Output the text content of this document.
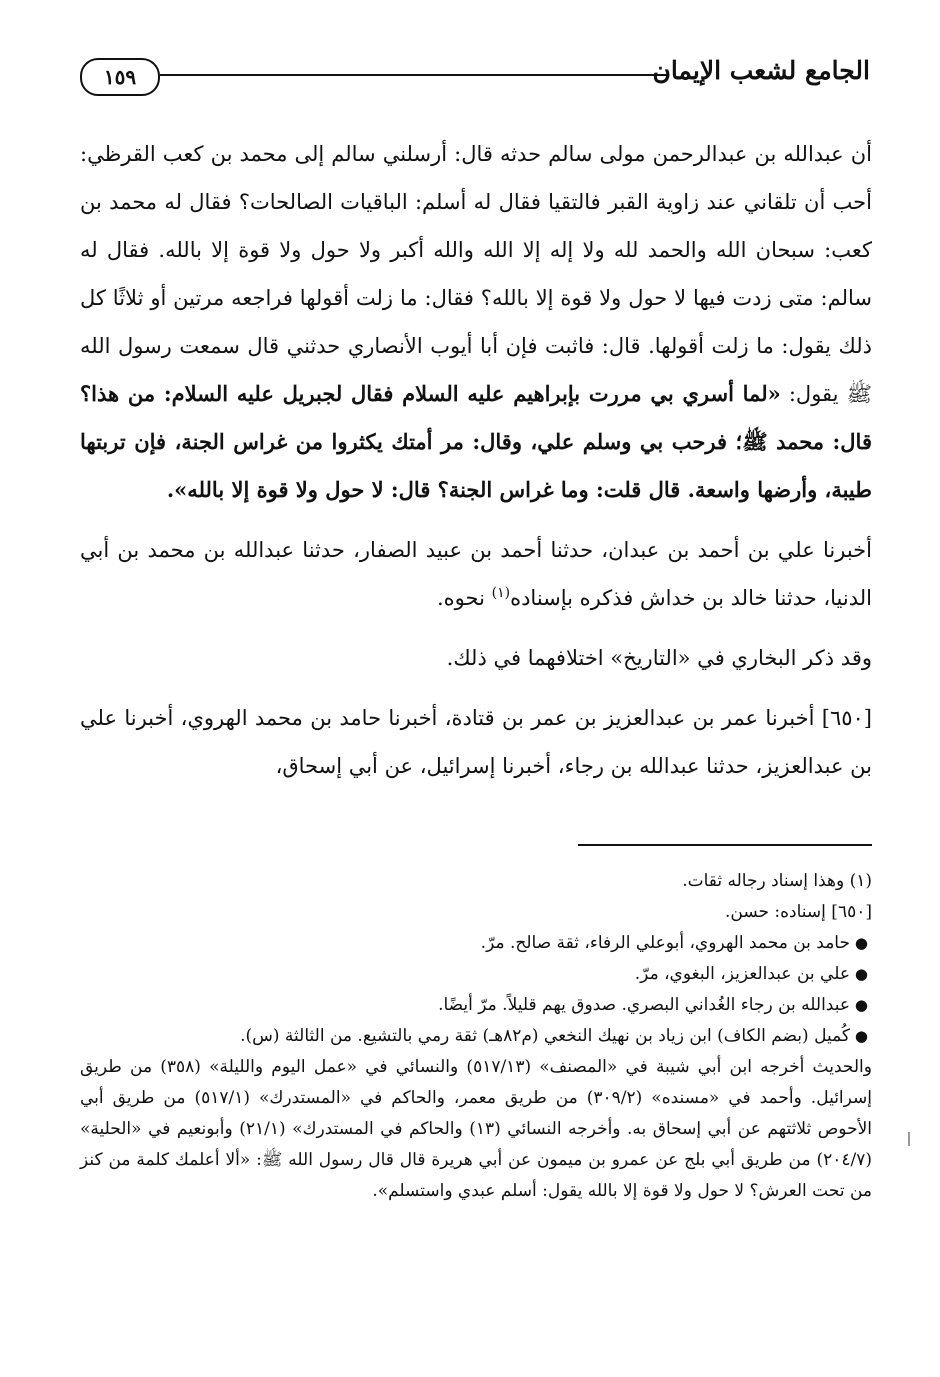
الجامع لشعب الإيمان
١٥٩

أن عبدالله بن عبدالرحمن مولى سالم حدثه قال: أرسلني سالم إلى محمد بن كعب القرظي: أحب أن تلقاني عند زاوية القبر فالتقيا فقال له أسلم: الباقيات الصالحات؟ فقال له محمد بن كعب: سبحان الله والحمد لله ولا إله إلا الله والله أكبر ولا حول ولا قوة إلا بالله. فقال له سالم: متى زدت فيها لا حول ولا قوة إلا بالله؟ فقال: ما زلت أقولها فراجعه مرتين أو ثلاثًا كل ذلك يقول: ما زلت أقولها. قال: فاثبت فإن أبا أيوب الأنصاري حدثني قال سمعت رسول الله ﷺ يقول: «لما أسري بي مررت بإبراهيم عليه السلام فقال لجبريل عليه السلام: من هذا؟ قال: محمد ﷺ؛ فرحب بي وسلم علي، وقال: مر أمتك يكثروا من غراس الجنة، فإن تربتها طيبة، وأرضها واسعة. قال قلت: وما غراس الجنة؟ قال: لا حول ولا قوة إلا بالله».

أخبرنا علي بن أحمد بن عبدان، حدثنا أحمد بن عبيد الصفار، حدثنا عبدالله بن محمد بن أبي الدنيا، حدثنا خالد بن خداش فذكره بإسناده$^{(١)}$ نحوه.

وقد ذكر البخاري في «التاريخ» اختلافهما في ذلك.

[٦٥٠] أخبرنا عمر بن عبدالعزيز بن عمر بن قتادة، أخبرنا حامد بن محمد الهروي، أخبرنا علي بن عبدالعزيز، حدثنا عبدالله بن رجاء، أخبرنا إسرائيل، عن أبي إسحاق،

(١) وهذا إسناد رجاله ثقات.

[٦٥٠] إسناده: حسن.

●
حامد بن محمد الهروي، أبوعلي الرفاء، ثقة صالح. مرّ.
●
علي بن عبدالعزيز، البغوي، مرّ.
●
عبدالله بن رجاء الغُداني البصري. صدوق يهم قليلاً. مرّ أيضًا.
●
كُميل (بضم الكاف) ابن زياد بن نهيك النخعي (م٨٢هـ) ثقة رمي بالتشيع. من الثالثة (س).

والحديث أخرجه ابن أبي شيبة في «المصنف» (٥١٧/١٣) والنسائي في «عمل اليوم والليلة» (٣٥٨) من طريق إسرائيل. وأحمد في «مسنده» (٣٠٩/٢) من طريق معمر، والحاكم في «المستدرك» (٥١٧/١) من طريق أبي الأحوص ثلاثتهم عن أبي إسحاق به. وأخرجه النسائي (١٣) والحاكم في المستدرك» (٢١/١) وأبونعيم في «الحلية» (٢٠٤/٧) من طريق أبي بلج عن عمرو بن ميمون عن أبي هريرة قال قال رسول الله ﷺ: «ألا أعلمك كلمة من كنز من تحت العرش؟ لا حول ولا قوة إلا بالله يقول: أسلم عبدي واستسلم».
